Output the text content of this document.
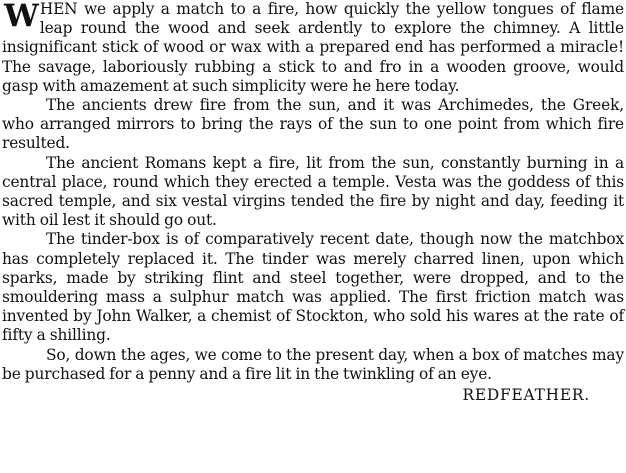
WHEN we apply a match to a fire, how quickly the yellow tongues of flame leap round the wood and seek ardently to explore the chimney. A little insignificant stick of wood or wax with a prepared end has performed a miracle! The savage, laboriously rubbing a stick to and fro in a wooden groove, would gasp with amazement at such simplicity were he here today.

The ancients drew fire from the sun, and it was Archimedes, the Greek, who arranged mirrors to bring the rays of the sun to one point from which fire resulted.

The ancient Romans kept a fire, lit from the sun, constantly burning in a central place, round which they erected a temple. Vesta was the goddess of this sacred temple, and six vestal virgins tended the fire by night and day, feeding it with oil lest it should go out.

The tinder-box is of comparatively recent date, though now the matchbox has completely replaced it. The tinder was merely charred linen, upon which sparks, made by striking flint and steel together, were dropped, and to the smouldering mass a sulphur match was applied. The first friction match was invented by John Walker, a chemist of Stockton, who sold his wares at the rate of fifty a shilling.

So, down the ages, we come to the present day, when a box of matches may be purchased for a penny and a fire lit in the twinkling of an eye.

REDFEATHER.
